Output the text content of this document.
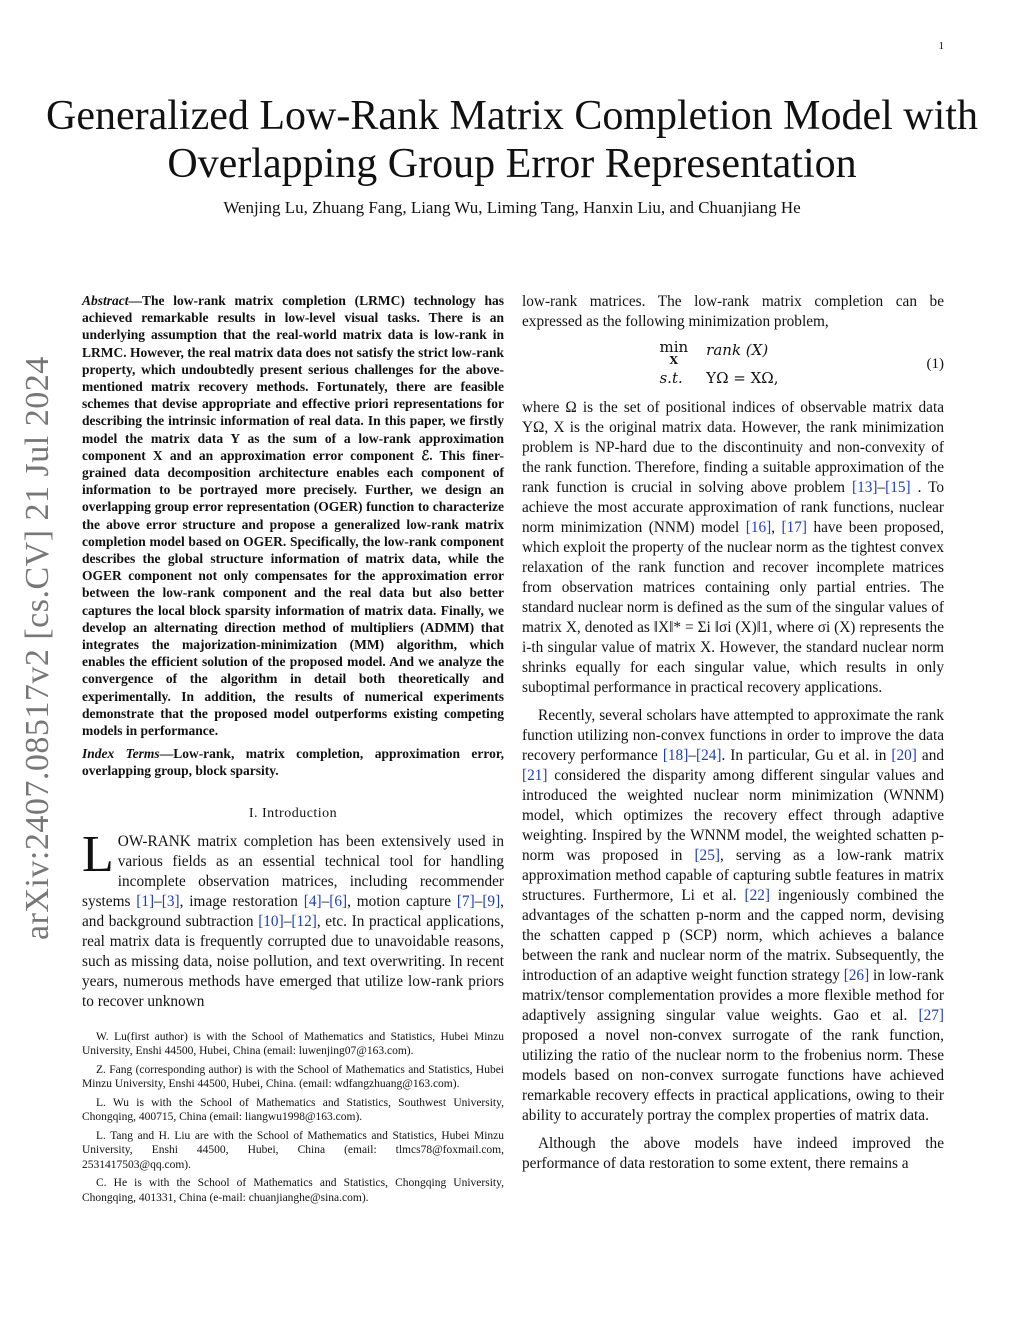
1
arXiv:2407.08517v2 [cs.CV] 21 Jul 2024
Generalized Low-Rank Matrix Completion Model with Overlapping Group Error Representation
Wenjing Lu, Zhuang Fang, Liang Wu, Liming Tang, Hanxin Liu, and Chuanjiang He
Abstract—The low-rank matrix completion (LRMC) technology has achieved remarkable results in low-level visual tasks. There is an underlying assumption that the real-world matrix data is low-rank in LRMC. However, the real matrix data does not satisfy the strict low-rank property, which undoubtedly present serious challenges for the above-mentioned matrix recovery methods. Fortunately, there are feasible schemes that devise appropriate and effective priori representations for describing the intrinsic information of real data. In this paper, we firstly model the matrix data Y as the sum of a low-rank approximation component X and an approximation error component ℰ. This finer-grained data decomposition architecture enables each component of information to be portrayed more precisely. Further, we design an overlapping group error representation (OGER) function to characterize the above error structure and propose a generalized low-rank matrix completion model based on OGER. Specifically, the low-rank component describes the global structure information of matrix data, while the OGER component not only compensates for the approximation error between the low-rank component and the real data but also better captures the local block sparsity information of matrix data. Finally, we develop an alternating direction method of multipliers (ADMM) that integrates the majorization-minimization (MM) algorithm, which enables the efficient solution of the proposed model. And we analyze the convergence of the algorithm in detail both theoretically and experimentally. In addition, the results of numerical experiments demonstrate that the proposed model outperforms existing competing models in performance.
Index Terms—Low-rank, matrix completion, approximation error, overlapping group, block sparsity.
I. Introduction
LOW-RANK matrix completion has been extensively used in various fields as an essential technical tool for handling incomplete observation matrices, including recommender systems [1]–[3], image restoration [4]–[6], motion capture [7]–[9], and background subtraction [10]–[12], etc. In practical applications, real matrix data is frequently corrupted due to unavoidable reasons, such as missing data, noise pollution, and text overwriting. In recent years, numerous methods have emerged that utilize low-rank priors to recover unknown
W. Lu(first author) is with the School of Mathematics and Statistics, Hubei Minzu University, Enshi 44500, Hubei, China (email: luwenjing07@163.com).
Z. Fang (corresponding author) is with the School of Mathematics and Statistics, Hubei Minzu University, Enshi 44500, Hubei, China. (email: wdfangzhuang@163.com).
L. Wu is with the School of Mathematics and Statistics, Southwest University, Chongqing, 400715, China (email: liangwu1998@163.com).
L. Tang and H. Liu are with the School of Mathematics and Statistics, Hubei Minzu University, Enshi 44500, Hubei, China (email: tlmcs78@foxmail.com, 2531417503@qq.com).
C. He is with the School of Mathematics and Statistics, Chongqing University, Chongqing, 401331, China (e-mail: chuanjianghe@sina.com).
low-rank matrices. The low-rank matrix completion can be expressed as the following minimization problem,
min
X
rank (X)
s.t.	YΩ = XΩ,
(1)
where Ω is the set of positional indices of observable matrix data YΩ, X is the original matrix data. However, the rank minimization problem is NP-hard due to the discontinuity and non-convexity of the rank function. Therefore, finding a suitable approximation of the rank function is crucial in solving above problem [13]–[15] . To achieve the most accurate approximation of rank functions, nuclear norm minimization (NNM) model [16], [17] have been proposed, which exploit the property of the nuclear norm as the tightest convex relaxation of the rank function and recover incomplete matrices from observation matrices containing only partial entries. The standard nuclear norm is defined as the sum of the singular values of matrix X, denoted as ‖X‖* = Σi ‖σi (X)‖1, where σi (X) represents the i-th singular value of matrix X. However, the standard nuclear norm shrinks equally for each singular value, which results in only suboptimal performance in practical recovery applications.
Recently, several scholars have attempted to approximate the rank function utilizing non-convex functions in order to improve the data recovery performance [18]–[24]. In particular, Gu et al. in [20] and [21] considered the disparity among different singular values and introduced the weighted nuclear norm minimization (WNNM) model, which optimizes the recovery effect through adaptive weighting. Inspired by the WNNM model, the weighted schatten p-norm was proposed in [25], serving as a low-rank matrix approximation method capable of capturing subtle features in matrix structures. Furthermore, Li et al. [22] ingeniously combined the advantages of the schatten p-norm and the capped norm, devising the schatten capped p (SCP) norm, which achieves a balance between the rank and nuclear norm of the matrix. Subsequently, the introduction of an adaptive weight function strategy [26] in low-rank matrix/tensor complementation provides a more flexible method for adaptively assigning singular value weights. Gao et al. [27] proposed a novel non-convex surrogate of the rank function, utilizing the ratio of the nuclear norm to the frobenius norm. These models based on non-convex surrogate functions have achieved remarkable recovery effects in practical applications, owing to their ability to accurately portray the complex properties of matrix data.
Although the above models have indeed improved the performance of data restoration to some extent, there remains a
